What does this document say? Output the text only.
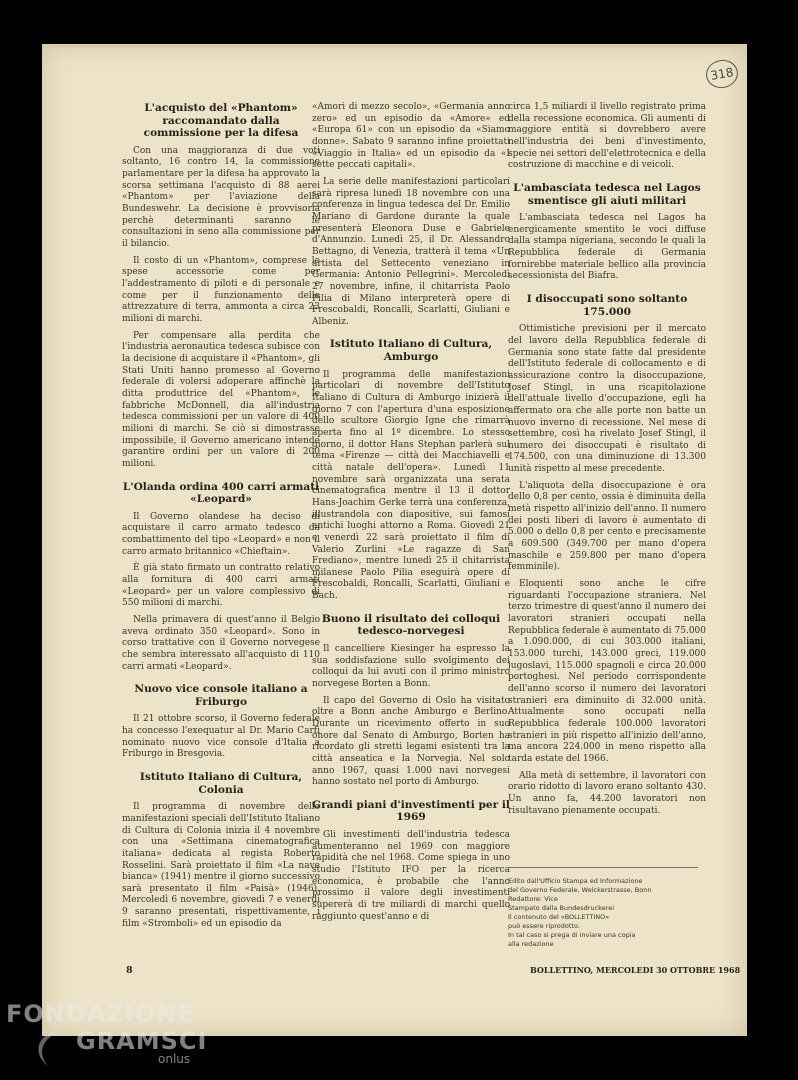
318
L'acquisto del «Phantom» raccomandato dalla commissione per la difesa

Con una maggioranza di due voti soltanto, 16 contro 14, la commissione parlamentare per la difesa ha approvato la scorsa settimana l'acquisto di 88 aerei «Phantom» per l'aviazione della Bundeswehr. La decisione è provvisoria perchè determinanti saranno le consultazioni in seno alla commissione per il bilancio.

Il costo di un «Phantom», comprese le spese accessorie come per l'addestramento di piloti e di personale e come per il funzionamento delle attrezzature di terra, ammonta a circa 23 milioni di marchi.

Per compensare alla perdita che l'industria aeronautica tedesca subisce con la decisione di acquistare il «Phantom», gli Stati Uniti hanno promesso al Governo federale di volersi adoperare affinchè la ditta produttrice del «Phantom», le fabbriche McDonnell, dia all'industria tedesca commissioni per un valore di 400 milioni di marchi. Se ciò si dimostrasse impossibile, il Governo americano intende garantire ordini per un valore di 200 milioni.

L'Olanda ordina 400 carri armati «Leopard»

Il Governo olandese ha deciso di acquistare il carro armato tedesco da combattimento del tipo «Leopard» e non il carro armato britannico «Chieftain».

È già stato firmato un contratto relativo alla fornitura di 400 carri armati «Leopard» per un valore complessivo di 550 milioni di marchi.

Nella primavera di quest'anno il Belgio aveva ordinato 350 «Leopard». Sono in corso trattative con il Governo norvegese che sembra interessato all'acquisto di 110 carri armati «Leopard».

Nuovo vice console italiano a Friburgo

Il 21 ottobre scorso, il Governo federale ha concesso l'exequatur al Dr. Mario Carfì nominato nuovo vice console d'Italia a Friburgo in Bresgovia.

Istituto Italiano di Cultura, Colonia

Il programma di novembre delle manifestazioni speciali dell'Istituto Italiano di Cultura di Colonia inizia il 4 novembre con una «Settimana cinematografica italiana» dedicata al regista Roberto Rosselini. Sarà proiettato il film «La nave bianca» (1941) mentre il giorno successivo sarà presentato il film «Paisà» (1946). Mercoledì 6 novembre, giovedì 7 e venerdì 9 saranno presentati, rispettivamente, i film «Stromboli» ed un episodio da

«Amori di mezzo secolo», «Germania anno zero» ed un episodio da «Amore» ed «Europa 61» con un episodio da «Siamo donne». Sabato 9 saranno infine proiettati «Viaggio in Italia» ed un episodio da «I sette peccati capitali».

La serie delle manifestazioni particolari sarà ripresa lunedì 18 novembre con una conferenza in lingua tedesca del Dr. Emilio Mariano di Gardone durante la quale presenterà Eleonora Duse e Gabriele d'Annunzio. Lunedì 25, il Dr. Alessandro Bettagno, di Venezia, tratterà il tema «Un artista del Settecento veneziano in Germania: Antonio Pellegrini». Mercoledì 27 novembre, infine, il chitarrista Paolo Pilia di Milano interpreterà opere di Frescobaldi, Roncalli, Scarlatti, Giuliani e Albeniz.

Istituto Italiano di Cultura, Amburgo

Il programma delle manifestazioni particolari di novembre dell'Istituto Italiano di Cultura di Amburgo inizierà il giorno 7 con l'apertura d'una esposizione dello scultore Giorgio Igne che rimarrà aperta fino al 1º dicembre. Lo stesso giorno, il dottor Hans Stephan parlerà sul tema «Firenze — città dei Macchiavelli e città natale dell'opera». Lunedì 11 novembre sarà organizzata una serata cinematografica mentre il 13 il dottor Hans-Joachim Gerke terrà una conferenza, illustrandola con diapositive, sui famosi antichi luoghi attorno a Roma. Giovedì 21 e venerdì 22 sarà proiettato il film di Valerio Zurlini «Le ragazze di San Frediano», mentre lunedì 25 il chitarrista milanese Paolo Pilia eseguirà opere di Frescobaldi, Roncalli, Scarlatti, Giuliani e Bach.

Buono il risultato dei colloqui tedesco-norvegesi

Il cancelliere Kiesinger ha espresso la sua soddisfazione sullo svolgimento dei colloqui da lui avuti con il primo ministro norvegese Borten a Bonn.

Il capo del Governo di Oslo ha visitato oltre a Bonn anche Amburgo e Berlino. Durante un ricevimento offerto in suo onore dal Senato di Amburgo, Borten ha ricordato gli stretti legami esistenti tra la città anseatica e la Norvegia. Nel solo anno 1967, quasi 1.000 navi norvegesi hanno sostato nel porto di Amburgo.

Grandi piani d'investimenti per il 1969

Gli investimenti dell'industria tedesca aumenteranno nel 1969 con maggiore rapidità che nel 1968. Come spiega in uno studio l'Istituto IFO per la ricerca economica, è probabile che l'anno prossimo il valore degli investimenti supererà di tre miliardi di marchi quello raggiunto quest'anno e di

circa 1,5 miliardi il livello registrato prima della recessione economica. Gli aumenti di maggiore entità si dovrebbero avere nell'industria dei beni d'investimento, specie nei settori dell'elettrotecnica e della costruzione di macchine e di veicoli.

L'ambasciata tedesca nel Lagos smentisce gli aiuti militari

L'ambasciata tedesca nel Lagos ha energicamente smentito le voci diffuse dalla stampa nigeriana, secondo le quali la Repubblica federale di Germania fornirebbe materiale bellico alla provincia secessionista del Biafra.

I disoccupati sono soltanto 175.000

Ottimistiche previsioni per il mercato del lavoro della Repubblica federale di Germania sono state fatte dal presidente dell'Istituto federale di collocamento e di assicurazione contro la disoccupazione, Josef Stingl, in una ricapitolazione dell'attuale livello d'occupazione, egli ha affermato ora che alle porte non batte un nuovo inverno di recessione. Nel mese di settembre, così ha rivelato Josef Stingl, il numero dei disoccupati è risultato di 174.500, con una diminuzione di 13.300 unità rispetto al mese precedente.

L'aliquota della disoccupazione è ora dello 0,8 per cento, ossia è diminuita della metà rispetto all'inizio dell'anno. Il numero dei posti liberi di lavoro è aumentato di 5.000 o dello 0,8 per cento e precisamente a 609.500 (349.700 per mano d'opera maschile e 259.800 per mano d'opera femminile).

Eloquenti sono anche le cifre riguardanti l'occupazione straniera. Nel terzo trimestre di quest'anno il numero dei lavoratori stranieri occupati nella Repubblica federale è aumentato di 75.000 a 1.090.000, di cui 303.000 italiani, 153.000 turchi, 143.000 greci, 119.000 jugoslavi, 115.000 spagnoli e circa 20.000 portoghesi. Nel periodo corrispondente dell'anno scorso il numero dei lavoratori stranieri era diminuito di 32.000 unità. Attualmente sono occupati nella Repubblica federale 100.000 lavoratori stranieri in più rispetto all'inizio dell'anno, ma ancora 224.000 in meno rispetto alla tarda estate del 1966.

Alla metà di settembre, il lavoratori con orario ridotto di lavoro erano soltanto 430. Un anno fa, 44.200 lavoratori non risultavano pienamente occupati.

Edito dall'Ufficio Stampa ed Informazione
del Governo Federale, Welckerstrasse, Bonn
Redattore: Vice
Stampato dalla Bundesdruckerei
Il contenuto del «BOLLETTINO»
può essere riprodotto.
In tal caso si prega di inviare una copia
alla redazione
8	BOLLETTINO, MERCOLEDI 30 OTTOBRE 1968
FONDAZIONE
GRAMSCI
onlus
